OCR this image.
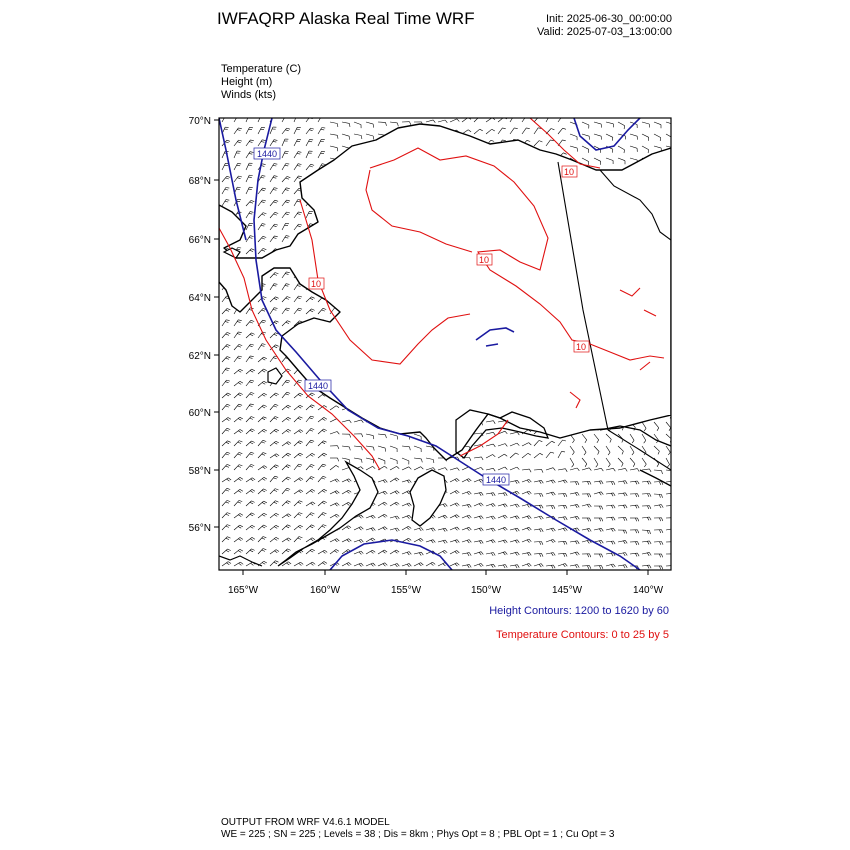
IWFAQRP Alaska Real Time WRF	Init: 2025-06-30_00:00:00
Valid: 2025-07-03_13:00:00
Temperature (C)
Height (m)
Winds (kts)
1440
1440
1440
10
10
10
10
70°N
68°N
66°N
64°N
62°N
60°N
58°N
56°N
165°W	160°W	155°W	150°W	145°W	140°W
Height Contours: 1200 to 1620 by 60
Temperature Contours: 0 to 25 by 5
OUTPUT FROM WRF V4.6.1 MODEL
WE = 225 ; SN = 225 ; Levels = 38 ; Dis = 8km ; Phys Opt = 8 ; PBL Opt = 1 ; Cu Opt = 3
